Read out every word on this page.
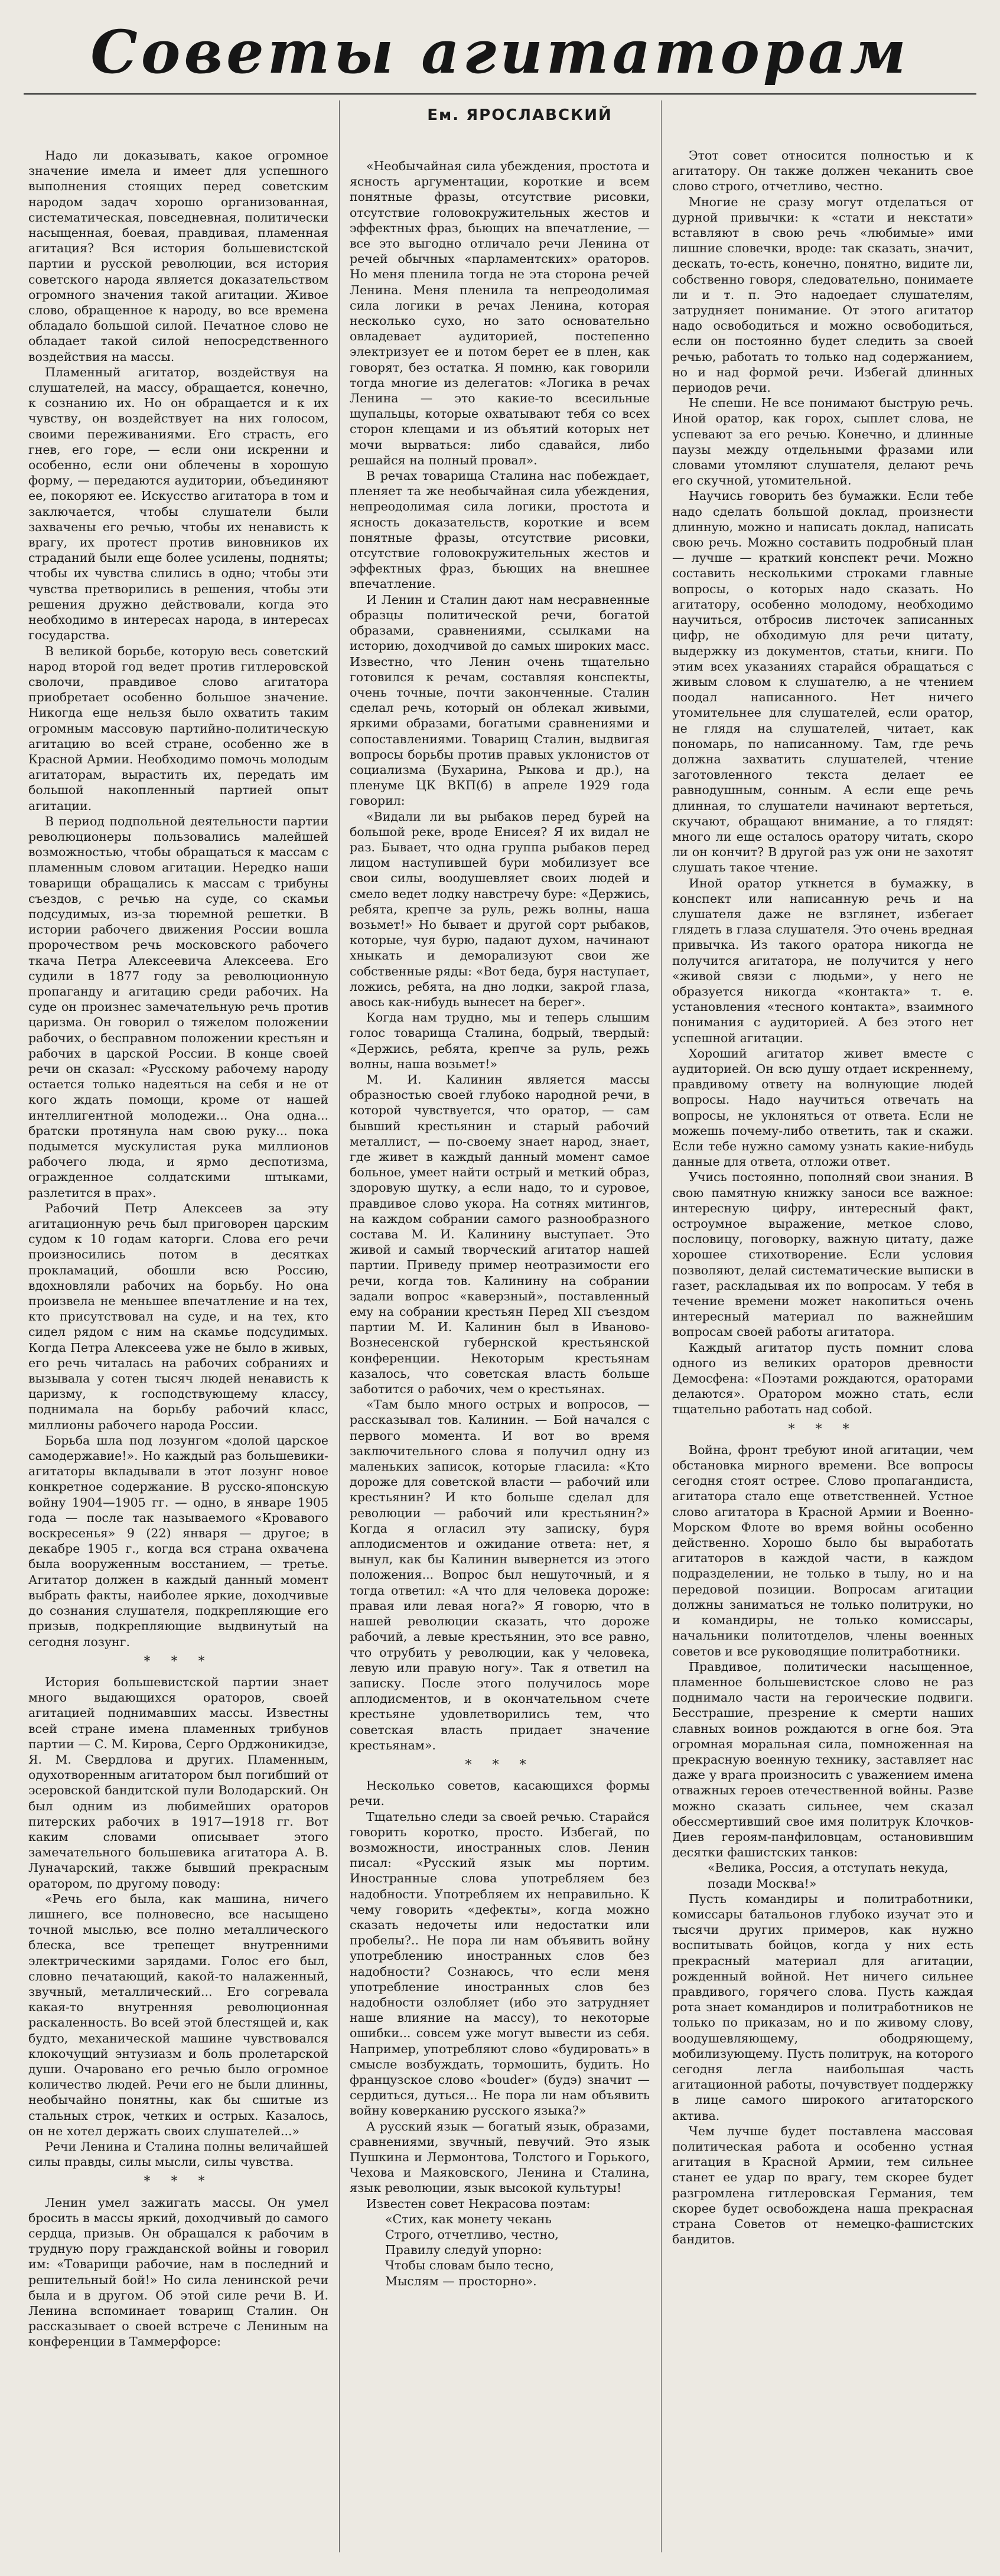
Советы агитаторам
Ем. ЯРОСЛАВСКИЙ

Надо ли доказывать, какое огромное значение имела и имеет для успешного выполнения стоящих перед советским народом задач хорошо организованная, систематическая, повседневная, политически насыщенная, боевая, правдивая, пламенная агитация? Вся история большевистской партии и русской революции, вся история советского народа является доказательством огромного значения такой агитации. Живое слово, обращенное к народу, во все времена обладало большой силой. Печатное слово не обладает такой силой непосредственного воздействия на массы.

Пламенный агитатор, воздействуя на слушателей, на массу, обращается, конечно, к сознанию их. Но он обращается и к их чувству, он воздействует на них голосом, своими переживаниями. Его страсть, его гнев, его горе, — если они искренни и особенно, если они облечены в хорошую форму, — передаются аудитории, объединяют ее, покоряют ее. Искусство агитатора в том и заключается, чтобы слушатели были захвачены его речью, чтобы их ненависть к врагу, их протест против виновников их страданий были еще более усилены, подняты; чтобы их чувства слились в одно; чтобы эти чувства претворились в решения, чтобы эти решения дружно действовали, когда это необходимо в интересах народа, в интересах государства.

В великой борьбе, которую весь советский народ второй год ведет против гитлеровской сволочи, правдивое слово агитатора приобретает особенно большое значение. Никогда еще нельзя было охватить таким огромным массовую партийно-политическую агитацию во всей стране, особенно же в Красной Армии. Необходимо помочь молодым агитаторам, вырастить их, передать им большой накопленный партией опыт агитации.

В период подпольной деятельности партии революционеры пользовались малейшей возможностью, чтобы обращаться к массам с пламенным словом агитации. Нередко наши товарищи обращались к массам с трибуны съездов, с речью на суде, со скамьи подсудимых, из-за тюремной решетки. В истории рабочего движения России вошла пророчеством речь московского рабочего ткача Петра Алексеевича Алексеева. Его судили в 1877 году за революционную пропаганду и агитацию среди рабочих. На суде он произнес замечательную речь против царизма. Он говорил о тяжелом положении рабочих, о бесправном положении крестьян и рабочих в царской России. В конце своей речи он сказал: «Русскому рабочему народу остается только надеяться на себя и не от кого ждать помощи, кроме от нашей интеллигентной молодежи... Она одна... братски протянула нам свою руку... пока подымется мускулистая рука миллионов рабочего люда, и ярмо деспотизма, огражденное солдатскими штыками, разлетится в прах».

Рабочий Петр Алексеев за эту агитационную речь был приговорен царским судом к 10 годам каторги. Слова его речи произносились потом в десятках прокламаций, обошли всю Россию, вдохновляли рабочих на борьбу. Но она произвела не меньшее впечатление и на тех, кто присутствовал на суде, и на тех, кто сидел рядом с ним на скамье подсудимых. Когда Петра Алексеева уже не было в живых, его речь читалась на рабочих собраниях и вызывала у сотен тысяч людей ненависть к царизму, к господствующему классу, поднимала на борьбу рабочий класс, миллионы рабочего народа России.

Борьба шла под лозунгом «долой царское самодержавие!». Но каждый раз большевики-агитаторы вкладывали в этот лозунг новое конкретное содержание. В русско-японскую войну 1904—1905 гг. — одно, в январе 1905 года — после так называемого «Кровавого воскресенья» 9 (22) января — другое; в декабре 1905 г., когда вся страна охвачена была вооруженным восстанием, — третье. Агитатор должен в каждый данный момент выбрать факты, наиболее яркие, доходчивые до сознания слушателя, подкрепляющие его призыв, подкрепляющие выдвинутый на сегодня лозунг.

* * *

История большевистской партии знает много выдающихся ораторов, своей агитацией поднимавших массы. Известны всей стране имена пламенных трибунов партии — С. М. Кирова, Серго Орджоникидзе, Я. М. Свердлова и других. Пламенным, одухотворенным агитатором был погибший от эсеровской бандитской пули Володарский. Он был одним из любимейших ораторов питерских рабочих в 1917—1918 гг. Вот каким словами описывает этого замечательного большевика агитатора А. В. Луначарский, также бывший прекрасным оратором, по другому поводу:

«Речь его была, как машина, ничего лишнего, все полновесно, все насыщено точной мыслью, все полно металлического блеска, все трепещет внутренними электрическими зарядами. Голос его был, словно печатающий, какой-то налаженный, звучный, металлический... Его согревала какая-то внутренняя революционная раскаленность. Во всей этой блестящей и, как будто, механической машине чувствовался клокочущий энтузиазм и боль пролетарской души. Очаровано его речью было огромное количество людей. Речи его не были длинны, необычайно понятны, как бы сшитые из стальных строк, четких и острых. Казалось, он не хотел держать своих слушателей...»

Речи Ленина и Сталина полны величайшей силы правды, силы мысли, силы чувства.

* * *

Ленин умел зажигать массы. Он умел бросить в массы яркий, доходчивый до самого сердца, призыв. Он обращался к рабочим в трудную пору гражданской войны и говорил им: «Товарищи рабочие, нам в последний и решительный бой!» Но сила ленинской речи была и в другом. Об этой силе речи В. И. Ленина вспоминает товарищ Сталин. Он рассказывает о своей встрече с Лениным на конференции в Таммерфорсе:

«Необычайная сила убеждения, простота и ясность аргументации, короткие и всем понятные фразы, отсутствие рисовки, отсутствие головокружительных жестов и эффектных фраз, бьющих на впечатление, — все это выгодно отличало речи Ленина от речей обычных «парламентских» ораторов. Но меня пленила тогда не эта сторона речей Ленина. Меня пленила та непреодолимая сила логики в речах Ленина, которая несколько сухо, но зато основательно овладевает аудиторией, постепенно электризует ее и потом берет ее в плен, как говорят, без остатка. Я помню, как говорили тогда многие из делегатов: «Логика в речах Ленина — это какие-то всесильные щупальцы, которые охватывают тебя со всех сторон клещами и из объятий которых нет мочи вырваться: либо сдавайся, либо решайся на полный провал».

В речах товарища Сталина нас побеждает, пленяет та же необычайная сила убеждения, непреодолимая сила логики, простота и ясность доказательств, короткие и всем понятные фразы, отсутствие рисовки, отсутствие головокружительных жестов и эффектных фраз, бьющих на внешнее впечатление.

И Ленин и Сталин дают нам несравненные образцы политической речи, богатой образами, сравнениями, ссылками на историю, доходчивой до самых широких масс. Известно, что Ленин очень тщательно готовился к речам, составляя конспекты, очень точные, почти законченные. Сталин сделал речь, который он облекал живыми, яркими образами, богатыми сравнениями и сопоставлениями. Товарищ Сталин, выдвигая вопросы борьбы против правых уклонистов от социализма (Бухарина, Рыкова и др.), на пленуме ЦК ВКП(б) в апреле 1929 года говорил:

«Видали ли вы рыбаков перед бурей на большой реке, вроде Енисея? Я их видал не раз. Бывает, что одна группа рыбаков перед лицом наступившей бури мобилизует все свои силы, воодушевляет своих людей и смело ведет лодку навстречу буре: «Держись, ребята, крепче за руль, режь волны, наша возьмет!» Но бывает и другой сорт рыбаков, которые, чуя бурю, падают духом, начинают хныкать и деморализуют свои же собственные ряды: «Вот беда, буря наступает, ложись, ребята, на дно лодки, закрой глаза, авось как-нибудь вынесет на берег».

Когда нам трудно, мы и теперь слышим голос товарища Сталина, бодрый, твердый: «Держись, ребята, крепче за руль, режь волны, наша возьмет!»

М. И. Калинин является массы образностью своей глубоко народной речи, в которой чувствуется, что оратор, — сам бывший крестьянин и старый рабочий металлист, — по-своему знает народ, знает, где живет в каждый данный момент самое больное, умеет найти острый и меткий образ, здоровую шутку, а если надо, то и суровое, правдивое слово укора. На сотнях митингов, на каждом собрании самого разнообразного состава М. И. Калинину выступает. Это живой и самый творческий агитатор нашей партии. Приведу пример неотразимости его речи, когда тов. Калинину на собрании задали вопрос «каверзный», поставленный ему на собрании крестьян Перед XII съездом партии М. И. Калинин был в Иваново-Вознесенской губернской крестьянской конференции. Некоторым крестьянам казалось, что советская власть больше заботится о рабочих, чем о крестьянах.

«Там было много острых и вопросов, — рассказывал тов. Калинин. — Бой начался с первого момента. И вот во время заключительного слова я получил одну из маленьких записок, которые гласила: «Кто дороже для советской власти — рабочий или крестьянин? И кто больше сделал для революции — рабочий или крестьянин?» Когда я огласил эту записку, буря аплодисментов и ожидание ответа: нет, я вынул, как бы Калинин вывернется из этого положения... Вопрос был нешуточный, и я тогда ответил: «А что для человека дороже: правая или левая нога?» Я говорю, что в нашей революции сказать, что дороже рабочий, а левые крестьянин, это все равно, что отрубить у революции, как у человека, левую или правую ногу». Так я ответил на записку. После этого получилось море аплодисментов, и в окончательном счете крестьяне удовлетворились тем, что советская власть придает значение крестьянам».

* * *

Несколько советов, касающихся формы речи.

Тщательно следи за своей речью. Старайся говорить коротко, просто. Избегай, по возможности, иностранных слов. Ленин писал: «Русский язык мы портим. Иностранные слова употребляем без надобности. Употребляем их неправильно. К чему говорить «дефекты», когда можно сказать недочеты или недостатки или пробелы?.. Не пора ли нам объявить войну употреблению иностранных слов без надобности? Сознаюсь, что если меня употребление иностранных слов без надобности озлобляет (ибо это затрудняет наше влияние на массу), то некоторые ошибки... совсем уже могут вывести из себя. Например, употребляют слово «будировать» в смысле возбуждать, тормошить, будить. Но французское слово «bouder» (будэ) значит — сердиться, дуться... Не пора ли нам объявить войну коверканию русского языка?»

А русский язык — богатый язык, образами, сравнениями, звучный, певучий. Это язык Пушкина и Лермонтова, Толстого и Горького, Чехова и Маяковского, Ленина и Сталина, язык революции, язык высокой культуры!

Известен совет Некрасова поэтам:

«Стих, как монету чекань
Строго, отчетливо, честно,
Правилу следуй упорно:
Чтобы словам было тесно,
Мыслям — просторно».

Этот совет относится полностью и к агитатору. Он также должен чеканить свое слово строго, отчетливо, честно.

Многие не сразу могут отделаться от дурной привычки: к «стати и некстати» вставляют в свою речь «любимые» ими лишние словечки, вроде: так сказать, значит, дескать, то-есть, конечно, понятно, видите ли, собственно говоря, следовательно, понимаете ли и т. п. Это надоедает слушателям, затрудняет понимание. От этого агитатор надо освободиться и можно освободиться, если он постоянно будет следить за своей речью, работать то только над содержанием, но и над формой речи. Избегай длинных периодов речи.

Не спеши. Не все понимают быструю речь. Иной оратор, как горох, сыплет слова, не успевают за его речью. Конечно, и длинные паузы между отдельными фразами или словами утомляют слушателя, делают речь его скучной, утомительной.

Научись говорить без бумажки. Если тебе надо сделать большой доклад, произнести длинную, можно и написать доклад, написать свою речь. Можно составить подробный план — лучше — краткий конспект речи. Можно составить несколькими строками главные вопросы, о которых надо сказать. Но агитатору, особенно молодому, необходимо научиться, отбросив листочек записанных цифр, не обходимую для речи цитату, выдержку из документов, статьи, книги. По этим всех указаниях старайся обращаться с живым словом к слушателю, а не чтением поодал написанного. Нет ничего утомительнее для слушателей, если оратор, не глядя на слушателей, читает, как пономарь, по написанному. Там, где речь должна захватить слушателей, чтение заготовленного текста делает ее равнодушным, сонным. А если еще речь длинная, то слушатели начинают вертеться, скучают, обращают внимание, а то глядят: много ли еще осталось оратору читать, скоро ли он кончит? В другой раз уж они не захотят слушать такое чтение.

Иной оратор уткнется в бумажку, в конспект или написанную речь и на слушателя даже не взглянет, избегает глядеть в глаза слушателя. Это очень вредная привычка. Из такого оратора никогда не получится агитатора, не получится у него «живой связи с людьми», у него не образуется никогда «контакта» т. е. установления «тесного контакта», взаимного понимания с аудиторией. А без этого нет успешной агитации.

Хороший агитатор живет вместе с аудиторией. Он всю душу отдает искреннему, правдивому ответу на волнующие людей вопросы. Надо научиться отвечать на вопросы, не уклоняться от ответа. Если не можешь почему-либо ответить, так и скажи. Если тебе нужно самому узнать какие-нибудь данные для ответа, отложи ответ.

Учись постоянно, пополняй свои знания. В свою памятную книжку заноси все важное: интересную цифру, интересный факт, остроумное выражение, меткое слово, пословицу, поговорку, важную цитату, даже хорошее стихотворение. Если условия позволяют, делай систематические выписки в газет, раскладывая их по вопросам. У тебя в течение времени может накопиться очень интересный материал по важнейшим вопросам своей работы агитатора.

Каждый агитатор пусть помнит слова одного из великих ораторов древности Демосфена: «Поэтами рождаются, ораторами делаются». Оратором можно стать, если тщательно работать над собой.

* * *

Война, фронт требуют иной агитации, чем обстановка мирного времени. Все вопросы сегодня стоят острее. Слово пропагандиста, агитатора стало еще ответственней. Устное слово агитатора в Красной Армии и Военно-Морском Флоте во время войны особенно действенно. Хорошо было бы выработать агитаторов в каждой части, в каждом подразделении, не только в тылу, но и на передовой позиции. Вопросам агитации должны заниматься не только политруки, но и командиры, не только комиссары, начальники политотделов, члены военных советов и все руководящие политработники.

Правдивое, политически насыщенное, пламенное большевистское слово не раз поднимало части на героические подвиги. Бесстрашие, презрение к смерти наших славных воинов рождаются в огне боя. Эта огромная моральная сила, помноженная на прекрасную военную технику, заставляет нас даже у врага произносить с уважением имена отважных героев отечественной войны. Разве можно сказать сильнее, чем сказал обессмертивший свое имя политрук Клочков-Диев героям-панфиловцам, остановившим десятки фашистских танков:

«Велика, Россия, а отступать некуда, позади Москва!»

Пусть командиры и политработники, комиссары батальонов глубоко изучат это и тысячи других примеров, как нужно воспитывать бойцов, когда у них есть прекрасный материал для агитации, рожденный войной. Нет ничего сильнее правдивого, горячего слова. Пусть каждая рота знает командиров и политработников не только по приказам, но и по живому слову, воодушевляющему, ободряющему, мобилизующему. Пусть политрук, на которого сегодня легла наибольшая часть агитационной работы, почувствует поддержку в лице самого широкого агитаторского актива.

Чем лучше будет поставлена массовая политическая работа и особенно устная агитация в Красной Армии, тем сильнее станет ее удар по врагу, тем скорее будет разгромлена гитлеровская Германия, тем скорее будет освобождена наша прекрасная страна Советов от немецко-фашистских бандитов.
